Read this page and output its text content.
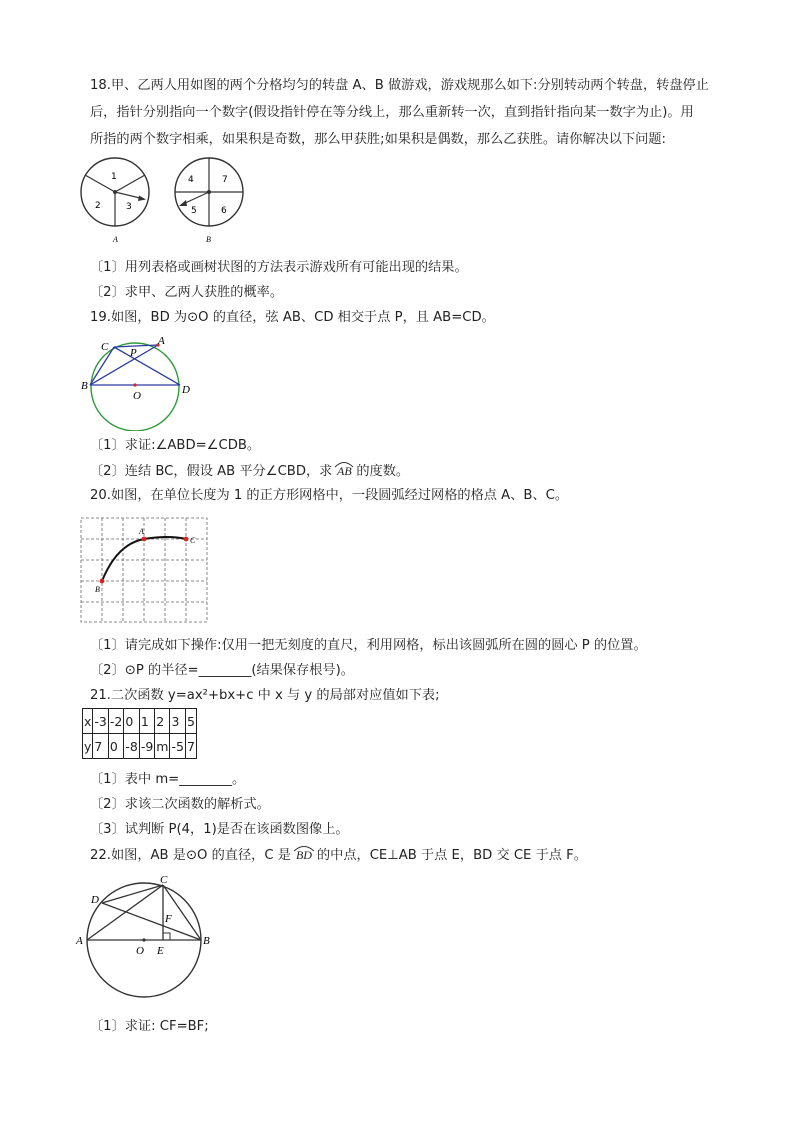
18.甲、乙两人用如图的两个分格均匀的转盘 A、B 做游戏，游戏规那么如下:分别转动两个转盘，转盘停止
后，指针分别指向一个数字(假设指针停在等分线上，那么重新转一次，直到指针指向某一数字为止)。用
所指的两个数字相乘，如果积是奇数，那么甲获胜;如果积是偶数，那么乙获胜。请你解决以下问题:
1
2	3
A
4	7
5	6
B
〔1〕用列表格或画树状图的方法表示游戏所有可能出现的结果。
〔2〕求甲、乙两人获胜的概率。
19.如图，BD 为⊙O 的直径，弦 AB、CD 相交于点 P，且 AB=CD。
C P
A
B	D
O
〔1〕求证:∠ABD=∠CDB。
〔2〕连结 BC，假设 AB 平分∠CBD，求 AB 的度数。
20.如图，在单位长度为 1 的正方形网格中，一段圆弧经过网格的格点 A、B、C。
A
B
C
〔1〕请完成如下操作:仅用一把无刻度的直尺，利用网格，标出该圆弧所在圆的圆心 P 的位置。
〔2〕⊙P 的半径=________(结果保存根号)。
21.二次函数 y=ax²+bx+c 中 x 与 y 的局部对应值如下表;
x	-3	-2	0	1	2	3	5
y	7	0	-8	-9	m	-5	7
〔1〕表中 m=________。
〔2〕求该二次函数的解析式。
〔3〕试判断 P(4，1)是否在该函数图像上。
22.如图，AB 是⊙O 的直径，C 是 BD 的中点，CE⊥AB 于点 E，BD 交 CE 于点 F。
C
D
F
A
O E
B
〔1〕求证: CF=BF;
